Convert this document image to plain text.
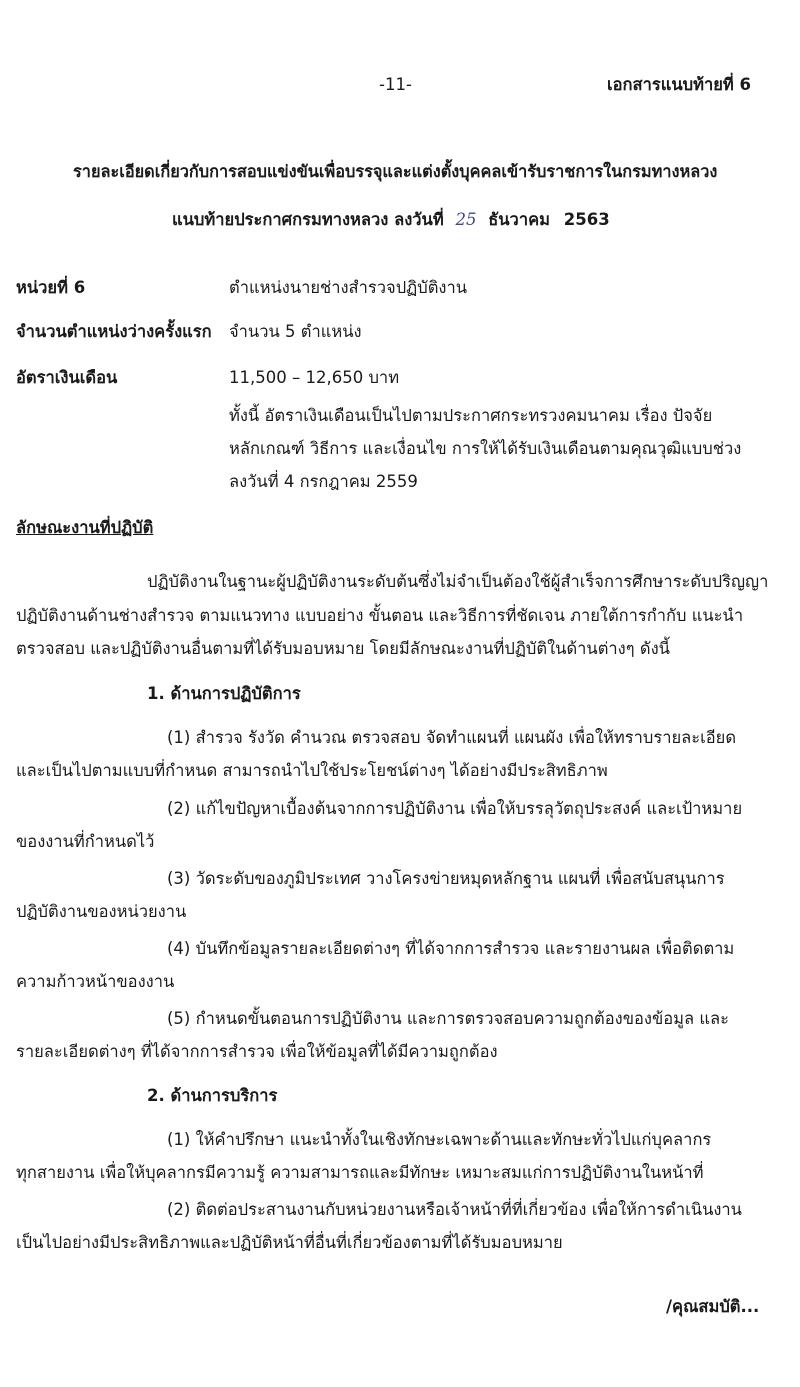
-11-	เอกสารแนบท้ายที่ 6
รายละเอียดเกี่ยวกับการสอบแข่งขันเพื่อบรรจุและแต่งตั้งบุคคลเข้ารับราชการในกรมทางหลวง
แนบท้ายประกาศกรมทางหลวง ลงวันที่ 25 ธันวาคม 2563
หน่วยที่ 6	ตำแหน่งนายช่างสำรวจปฏิบัติงาน
จำนวนตำแหน่งว่างครั้งแรก จำนวน 5 ตำแหน่ง
อัตราเงินเดือน	11,500 – 12,650 บาท
ทั้งนี้ อัตราเงินเดือนเป็นไปตามประกาศกระทรวงคมนาคม เรื่อง ปัจจัย
หลักเกณฑ์ วิธีการ และเงื่อนไข การให้ได้รับเงินเดือนตามคุณวุฒิแบบช่วง
ลงวันที่ 4 กรกฎาคม 2559
ลักษณะงานที่ปฏิบัติ
ปฏิบัติงานในฐานะผู้ปฏิบัติงานระดับต้นซึ่งไม่จำเป็นต้องใช้ผู้สำเร็จการศึกษาระดับปริญญา
ปฏิบัติงานด้านช่างสำรวจ ตามแนวทาง แบบอย่าง ขั้นตอน และวิธีการที่ชัดเจน ภายใต้การกำกับ แนะนำ
ตรวจสอบ และปฏิบัติงานอื่นตามที่ได้รับมอบหมาย โดยมีลักษณะงานที่ปฏิบัติในด้านต่างๆ ดังนี้
1. ด้านการปฏิบัติการ
(1) สำรวจ รังวัด คำนวณ ตรวจสอบ จัดทำแผนที่ แผนผัง เพื่อให้ทราบรายละเอียด
และเป็นไปตามแบบที่กำหนด สามารถนำไปใช้ประโยชน์ต่างๆ ได้อย่างมีประสิทธิภาพ
(2) แก้ไขปัญหาเบื้องต้นจากการปฏิบัติงาน เพื่อให้บรรลุวัตถุประสงค์ และเป้าหมาย
ของงานที่กำหนดไว้
(3) วัดระดับของภูมิประเทศ วางโครงข่ายหมุดหลักฐาน แผนที่ เพื่อสนับสนุนการ
ปฏิบัติงานของหน่วยงาน
(4) บันทึกข้อมูลรายละเอียดต่างๆ ที่ได้จากการสำรวจ และรายงานผล เพื่อติดตาม
ความก้าวหน้าของงาน
(5) กำหนดขั้นตอนการปฏิบัติงาน และการตรวจสอบความถูกต้องของข้อมูล และ
รายละเอียดต่างๆ ที่ได้จากการสำรวจ เพื่อให้ข้อมูลที่ได้มีความถูกต้อง
2. ด้านการบริการ
(1) ให้คำปรึกษา แนะนำทั้งในเชิงทักษะเฉพาะด้านและทักษะทั่วไปแก่บุคลากร
ทุกสายงาน เพื่อให้บุคลากรมีความรู้ ความสามารถและมีทักษะ เหมาะสมแก่การปฏิบัติงานในหน้าที่
(2) ติดต่อประสานงานกับหน่วยงานหรือเจ้าหน้าที่ที่เกี่ยวข้อง เพื่อให้การดำเนินงาน
เป็นไปอย่างมีประสิทธิภาพและปฏิบัติหน้าที่อื่นที่เกี่ยวข้องตามที่ได้รับมอบหมาย
/คุณสมบัติ...
